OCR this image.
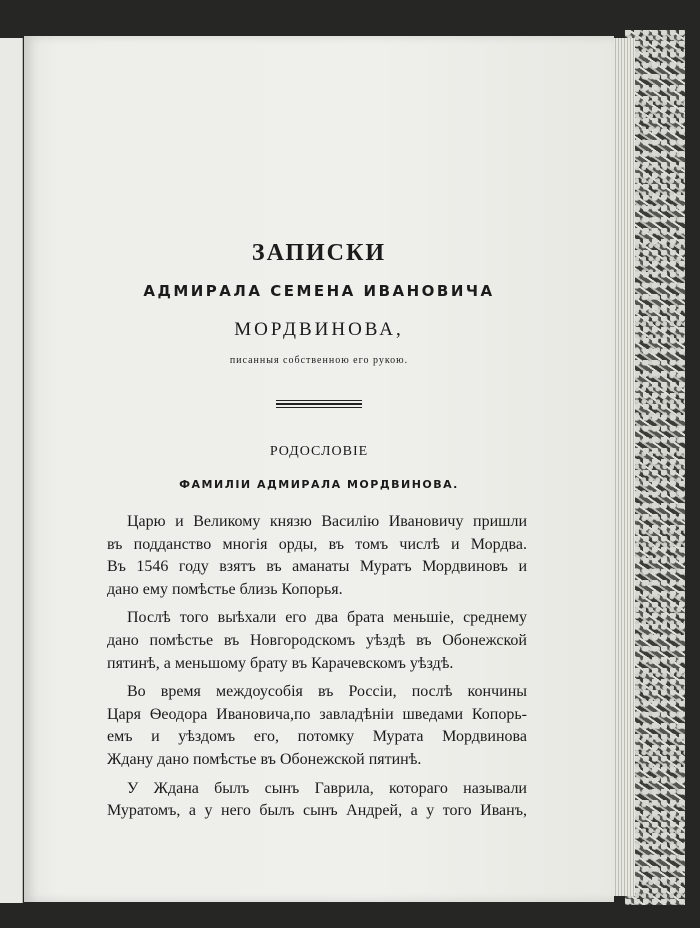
ЗАПИСКИ
АДМИРАЛА СЕМЕНА ИВАНОВИЧА
МОРДВИНОВА,
писанныя собственною его рукою.
РОДОСЛОВІЕ
ФАМИЛІИ АДМИРАЛА МОРДВИНОВА.

Царю и Великому князю Василію Ивановичу пришли
въ подданство многія орды, въ томъ числѣ и Мордва.
Въ 1546 году взятъ въ аманаты Муратъ Мордвиновъ и
дано ему помѣстье близь Копорья.

Послѣ того выѣхали его два брата меньшіе, среднему
дано помѣстье въ Новгородскомъ уѣздѣ въ Обонежской
пятинѣ, а меньшому брату въ Карачевскомъ уѣздѣ.

Во время междоусобія въ Россіи, послѣ кончины
Царя Ѳеодора Ивановича,по завладѣніи шведами Копорь-
емъ и уѣздомъ его, потомку Мурата Мордвинова
Ждану дано помѣстье въ Обонежской пятинѣ.

У Ждана былъ сынъ Гаврила, котораго называли
Муратомъ, а у него былъ сынъ Андрей, а у того Иванъ,
